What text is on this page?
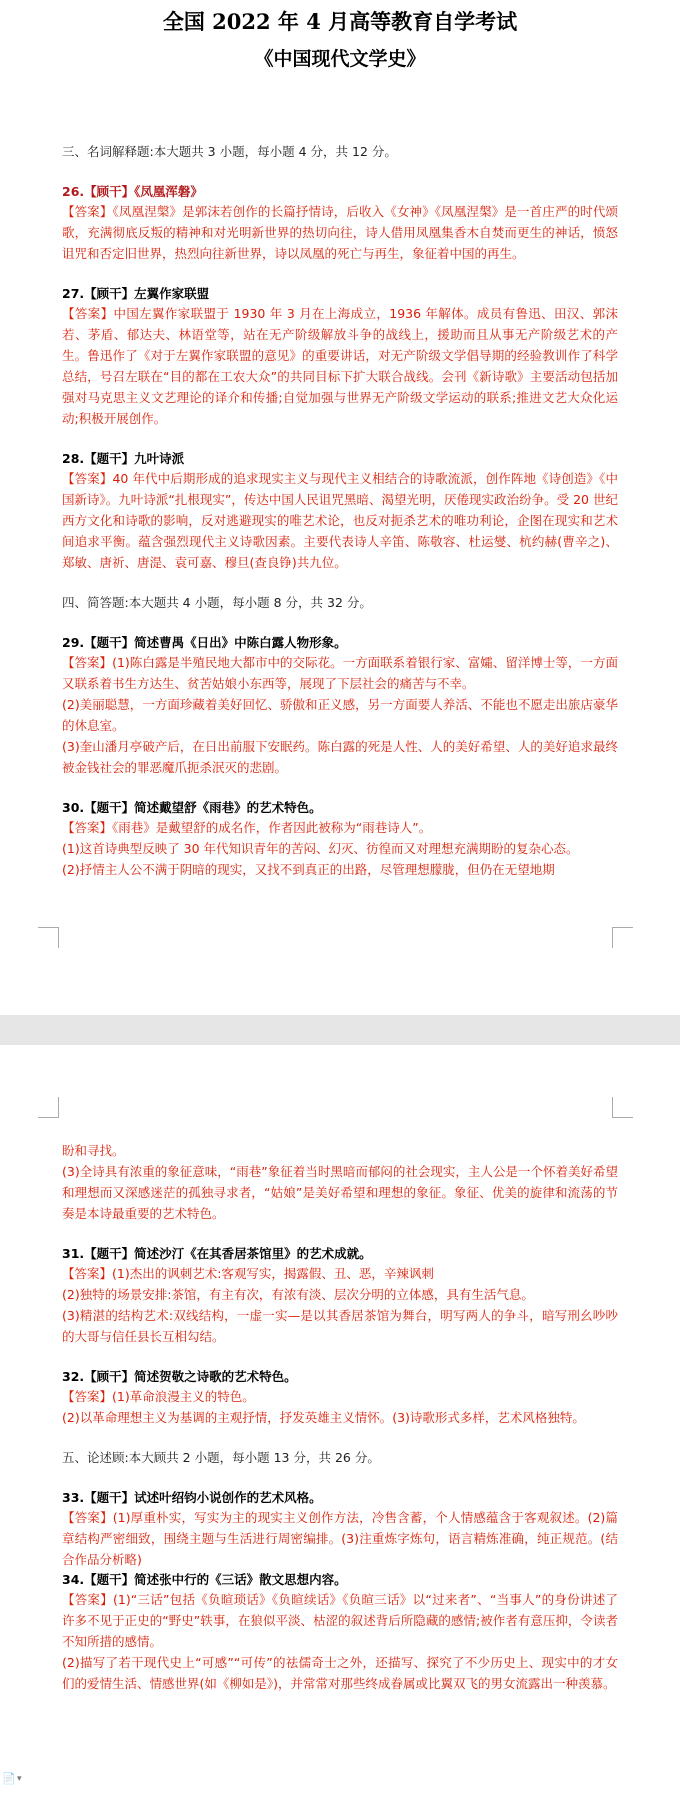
全国 2022 年 4 月高等教育自学考试
《中国现代文学史》

三、名词解释题:本大题共 3 小题，每小题 4 分，共 12 分。

26.【顾干】《凤凰浑磐》

【答案】《凤凰涅槃》是郭沫若创作的长篇抒情诗，后收入《女神》《凤凰涅槃》是一首庄严的时代颂歌，充满彻底反叛的精神和对光明新世界的热切向往，诗人借用凤凰集香木自焚而更生的神话，愤怒诅咒和否定旧世界，热烈向往新世界，诗以凤凰的死亡与再生，象征着中国的再生。

27.【顾干】左翼作家联盟

【答案】中国左翼作家联盟于 1930 年 3 月在上海成立，1936 年解体。成员有鲁迅、田汉、郭沫若、茅盾、郁达夫、林语堂等，站在无产阶级解放斗争的战线上，援助而且从事无产阶级艺术的产生。鲁迅作了《对于左翼作家联盟的意见》的重要讲话，对无产阶级文学倡导期的经验教训作了科学总结，号召左联在“目的都在工农大众”的共同目标下扩大联合战线。会刊《新诗歌》主要活动包括加强对马克思主义文艺理论的译介和传播;自觉加强与世界无产阶级文学运动的联系;推进文艺大众化运动;积极开展创作。

28.【题干】九叶诗派

【答案】40 年代中后期形成的追求现实主义与现代主义相结合的诗歌流派，创作阵地《诗创造》《中国新诗》。九叶诗派“扎根现实”，传达中国人民诅咒黑暗、渴望光明，厌倦现实政治纷争。受 20 世纪西方文化和诗歌的影响，反对逃避现实的唯艺术论，也反对扼杀艺术的唯功利论，企图在现实和艺术间追求平衡。蕴含强烈现代主义诗歌因素。主要代表诗人辛笛、陈敬容、杜运燮、杭约赫(曹辛之)、郑敏、唐祈、唐湜、袁可嘉、穆旦(查良铮)共九位。

四、简答题:本大题共 4 小题，每小题 8 分，共 32 分。

29.【题干】简述曹禺《日出》中陈白露人物形象。

【答案】(1)陈白露是半殖民地大都市中的交际花。一方面联系着银行家、富孀、留洋博士等，一方面又联系着书生方达生、贫苦姑娘小东西等，展现了下层社会的痛苦与不幸。

(2)美丽聪慧，一方面珍藏着美好回忆、骄傲和正义感，另一方面要人养活、不能也不愿走出旅店豪华的休息室。

(3)奎山潘月亭破产后，在日出前服下安眠药。陈白露的死是人性、人的美好希望、人的美好追求最终被金钱社会的罪恶魔爪扼杀泯灭的悲剧。

30.【题干】简述戴望舒《雨巷》的艺术特色。

【答案】《雨巷》是戴望舒的成名作，作者因此被称为“雨巷诗人”。

(1)这首诗典型反映了 30 年代知识青年的苦闷、幻灭、彷徨而又对理想充满期盼的复杂心态。

(2)抒情主人公不满于阴暗的现实，又找不到真正的出路，尽管理想朦胧，但仍在无望地期

盼和寻找。

(3)全诗具有浓重的象征意味，“雨巷”象征着当时黑暗而郁闷的社会现实，主人公是一个怀着美好希望和理想而又深感迷茫的孤独寻求者，“姑娘”是美好希望和理想的象征。象征、优美的旋律和流荡的节奏是本诗最重要的艺术特色。

31.【题干】简述沙汀《在其香居茶馆里》的艺术成就。

【答案】(1)杰出的讽刺艺术:客观写实，揭露假、丑、恶，辛辣讽刺

(2)独特的场景安排:茶馆，有主有次，有浓有淡、层次分明的立体感，具有生活气息。

(3)精湛的结构艺术:双线结构，一虚一实—是以其香居茶馆为舞台，明写两人的争斗，暗写刑幺吵吵的大哥与信任县长互相勾结。

32.【顾干】简述贺敬之诗歌的艺术特色。

【答案】(1)革命浪漫主义的特色。

(2)以革命理想主义为基调的主观抒情，抒发英雄主义情怀。(3)诗歌形式多样，艺术风格独特。

五、论述顾:本大顾共 2 小题，每小题 13 分，共 26 分。

33.【题干】试述叶绍钧小说创作的艺术风格。

【答案】(1)厚重朴实，写实为主的现实主义创作方法，冷售含蓄，个人情感蕴含于客观叙述。(2)篇章结构严密细致，围绕主题与生活进行周密编排。(3)注重炼字炼句，语言精炼准确，纯正规范。(结合作品分析略)

34.【题干】简述张中行的《三话》散文思想内容。

【答案】(1)“三话”包括《负暄琐话》《负暄续话》《负暄三话》以“过来者”、“当事人”的身份讲述了许多不见于正史的“野史”轶事，在狼似平淡、枯涩的叙述背后所隐藏的感情;被作者有意压抑，令读者不知所措的感情。

(2)描写了若干现代史上“可感”“可传”的祛儒奇士之外，还描写、探究了不少历史上、现实中的才女们的爱情生活、情感世界(如《柳如是》)，并常常对那些终成眷属或比翼双飞的男女流露出一种羡慕。

📄 ▾
